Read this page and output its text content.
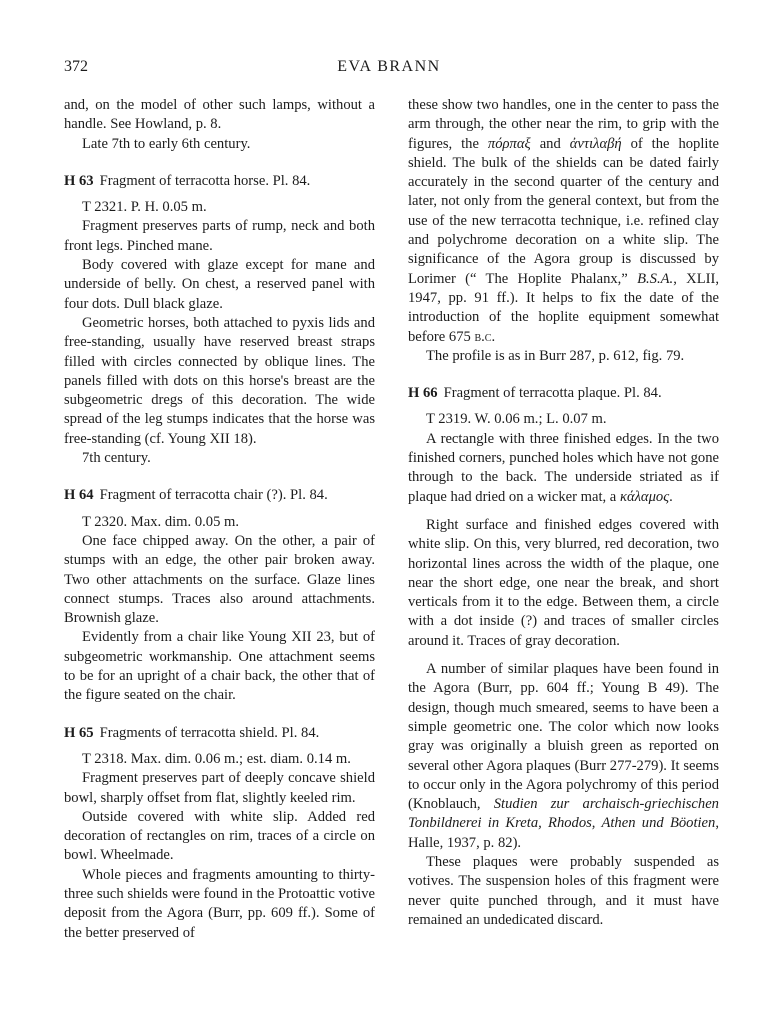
372	EVA BRANN

and, on the model of other such lamps, without a handle. See Howland, p. 8.

Late 7th to early 6th century.

H 63 Fragment of terracotta horse. Pl. 84.

T 2321. P. H. 0.05 m.

Fragment preserves parts of rump, neck and both front legs. Pinched mane.

Body covered with glaze except for mane and underside of belly. On chest, a reserved panel with four dots. Dull black glaze.

Geometric horses, both attached to pyxis lids and free-standing, usually have reserved breast straps filled with circles connected by oblique lines. The panels filled with dots on this horse's breast are the subgeometric dregs of this decoration. The wide spread of the leg stumps indicates that the horse was free-standing (cf. Young XII 18).

7th century.

H 64 Fragment of terracotta chair (?). Pl. 84.

T 2320. Max. dim. 0.05 m.

One face chipped away. On the other, a pair of stumps with an edge, the other pair broken away. Two other attachments on the surface. Glaze lines connect stumps. Traces also around attachments. Brownish glaze.

Evidently from a chair like Young XII 23, but of subgeometric workmanship. One attachment seems to be for an upright of a chair back, the other that of the figure seated on the chair.

H 65 Fragments of terracotta shield. Pl. 84.

T 2318. Max. dim. 0.06 m.; est. diam. 0.14 m.

Fragment preserves part of deeply concave shield bowl, sharply offset from flat, slightly keeled rim.

Outside covered with white slip. Added red decoration of rectangles on rim, traces of a circle on bowl. Wheelmade.

Whole pieces and fragments amounting to thirty-three such shields were found in the Protoattic votive deposit from the Agora (Burr, pp. 609 ff.). Some of the better preserved of

these show two handles, one in the center to pass the arm through, the other near the rim, to grip with the figures, the πόρπαξ and ἀντιλαβή of the hoplite shield. The bulk of the shields can be dated fairly accurately in the second quarter of the century and later, not only from the general context, but from the use of the new terracotta technique, i.e. refined clay and polychrome decoration on a white slip. The significance of the Agora group is discussed by Lorimer (“ The Hoplite Phalanx,” B.S.A., XLII, 1947, pp. 91 ff.). It helps to fix the date of the introduction of the hoplite equipment somewhat before 675 b.c.

The profile is as in Burr 287, p. 612, fig. 79.

H 66 Fragment of terracotta plaque. Pl. 84.

T 2319. W. 0.06 m.; L. 0.07 m.

A rectangle with three finished edges. In the two finished corners, punched holes which have not gone through to the back. The underside striated as if plaque had dried on a wicker mat, a κάλαμος.

Right surface and finished edges covered with white slip. On this, very blurred, red decoration, two horizontal lines across the width of the plaque, one near the short edge, one near the break, and short verticals from it to the edge. Between them, a circle with a dot inside (?) and traces of smaller circles around it. Traces of gray decoration.

A number of similar plaques have been found in the Agora (Burr, pp. 604 ff.; Young B 49). The design, though much smeared, seems to have been a simple geometric one. The color which now looks gray was originally a bluish green as reported on several other Agora plaques (Burr 277-279). It seems to occur only in the Agora polychromy of this period (Knoblauch, Studien zur archaisch-griechischen Tonbildnerei in Kreta, Rhodos, Athen und Böotien, Halle, 1937, p. 82).

These plaques were probably suspended as votives. The suspension holes of this fragment were never quite punched through, and it must have remained an undedicated discard.
